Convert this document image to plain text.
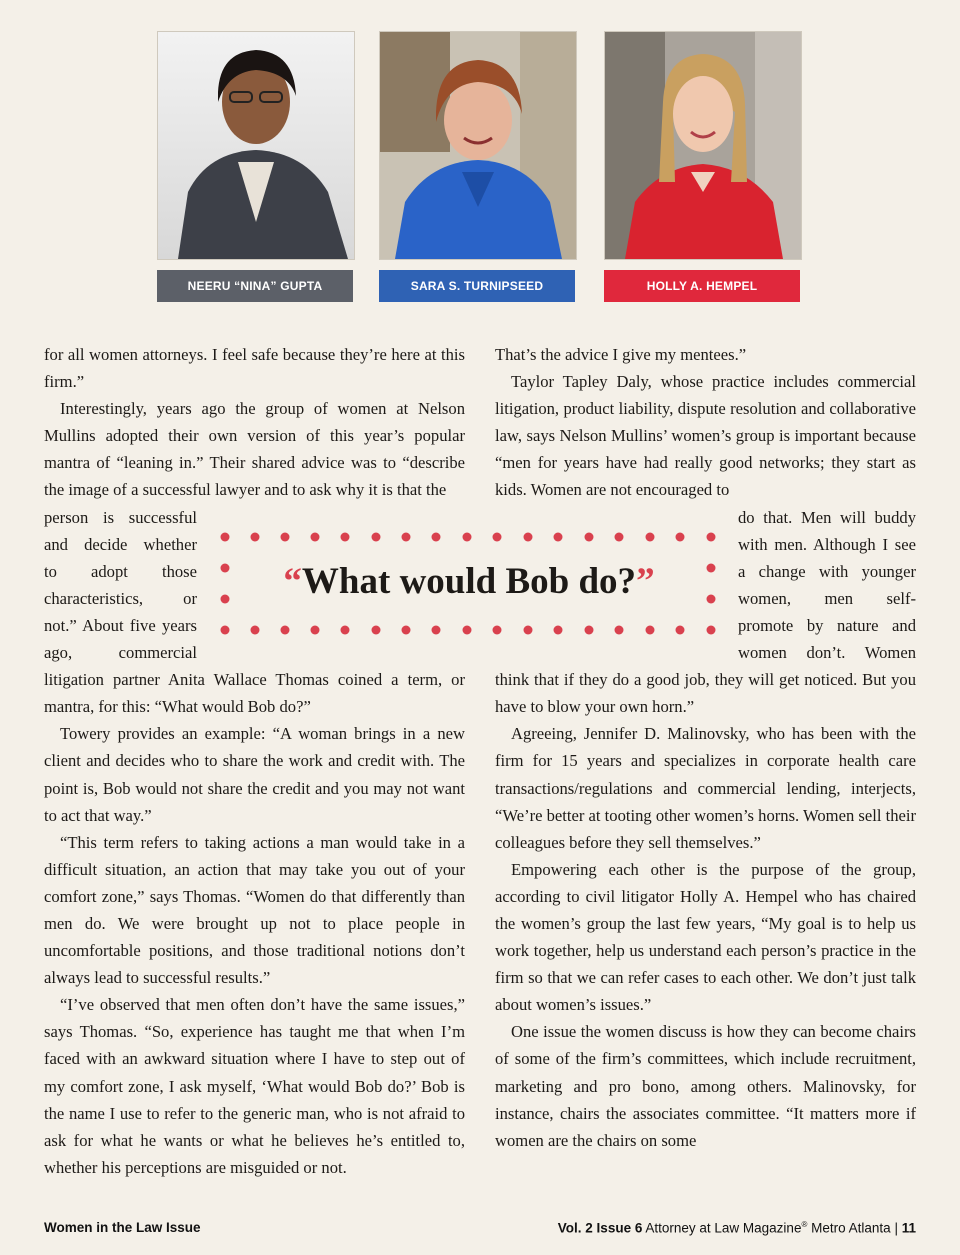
NEERU “NINA” GUPTA	SARA S. TURNIPSEED	HOLLY A. HEMPEL

for all women attorneys. I feel safe because they’re here at this firm.”

Interestingly, years ago the group of women at Nelson Mullins adopted their own version of this year’s popular mantra of “leaning in.” Their shared advice was to “describe the image of a successful lawyer and to ask why it is that the

person is successful

and decide whether

to adopt those

characteristics, or

not.” About five years

ago, commercial

litigation partner Anita Wallace Thomas coined a term, or mantra, for this: “What would Bob do?”

Towery provides an example: “A woman brings in a new client and decides who to share the work and credit with. The point is, Bob would not share the credit and you may not want to act that way.”

“This term refers to taking actions a man would take in a difficult situation, an action that may take you out of your comfort zone,” says Thomas. “Women do that differently than men do. We were brought up not to place people in uncomfortable positions, and those traditional notions don’t always lead to successful results.”

“I’ve observed that men often don’t have the same issues,” says Thomas. “So, experience has taught me that when I’m faced with an awkward situation where I have to step out of my comfort zone, I ask myself, ‘What would Bob do?’ Bob is the name I use to refer to the generic man, who is not afraid to ask for what he wants or what he believes he’s entitled to, whether his perceptions are misguided or not.

That’s the advice I give my mentees.”

Taylor Tapley Daly, whose practice includes commercial litigation, product liability, dispute resolution and collaborative law, says Nelson Mullins’ women’s group is important because “men for years have had really good networks; they start as kids. Women are not encouraged to

do that. Men will buddy

with men. Although I see

a change with younger

women, men self-

promote by nature and

women don’t. Women

think that if they do a good job, they will get noticed. But you have to blow your own horn.”

Agreeing, Jennifer D. Malinovsky, who has been with the firm for 15 years and specializes in corporate health care transactions/regulations and commercial lending, interjects, “We’re better at tooting other women’s horns. Women sell their colleagues before they sell themselves.”

Empowering each other is the purpose of the group, according to civil litigator Holly A. Hempel who has chaired the women’s group the last few years, “My goal is to help us work together, help us understand each person’s practice in the firm so that we can refer cases to each other. We don’t just talk about women’s issues.”

One issue the women discuss is how they can become chairs of some of the firm’s committees, which include recruitment, marketing and pro bono, among others. Malinovsky, for instance, chairs the associates committee. “It matters more if women are the chairs on some

“What would Bob do?”
Women in the Law Issue	Vol. 2 Issue 6 Attorney at Law Magazine® Metro Atlanta | 11
